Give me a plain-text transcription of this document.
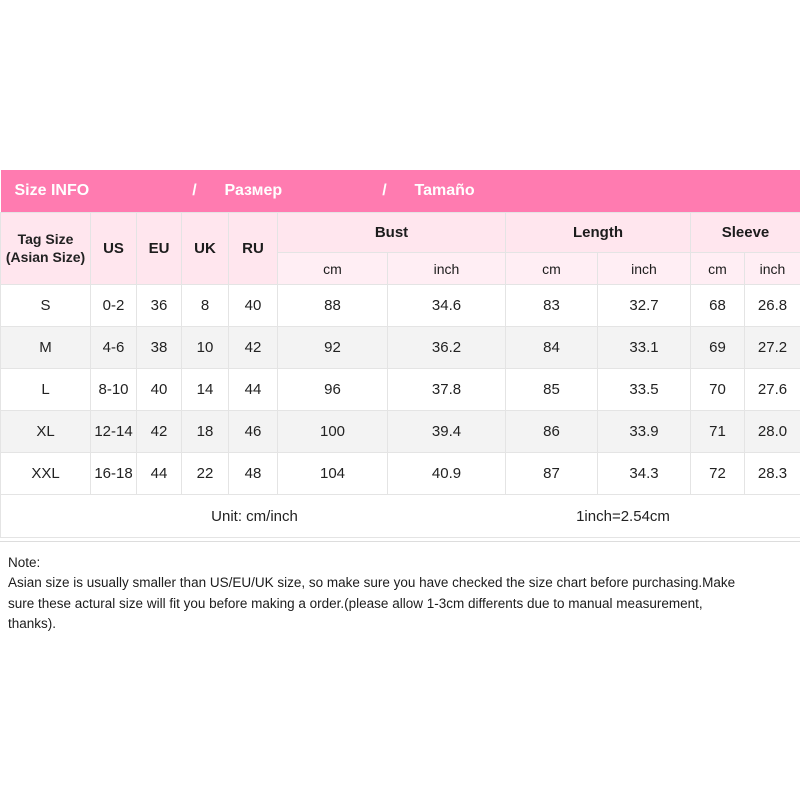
Size INFO / Размер / Tamaño										

Tag Size
(Asian Size)	US	EU	UK	RU	Bust		Length		Sleeve	
					cm	inch	cm	inch	cm	inch
S	0-2	36	8	40	88	34.6	83	32.7	68	26.8
M	4-6	38	10	42	92	36.2	84	33.1	69	27.2
L	8-10	40	14	44	96	37.8	85	33.5	70	27.6
XL	12-14	42	18	46	100	39.4	86	33.9	71	28.0
XXL	16-18	44	22	48	104	40.9	87	34.3	72	28.3

Unit: cm/inch 1inch=2.54cm										
Note:
Asian size is usually smaller than US/EU/UK size, so make sure you have checked the size chart before purchasing.Make
sure these actural size will fit you before making a order.(please allow 1-3cm differents due to manual measurement,
thanks).
